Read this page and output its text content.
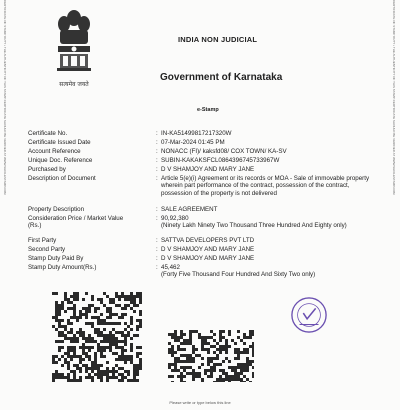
CERTIFICATE OF STAMP DUTY • THE AUTHENTICITY OF THIS STAMP CERTIFICATE SHOULD BE VERIFIED AT WWW.SHCILESTAMP.COM	CERTIFICATE OF STAMP DUTY • THE AUTHENTICITY OF THIS STAMP CERTIFICATE SHOULD BE VERIFIED AT WWW.SHCILESTAMP.COM
सत्यमेव जयते
INDIA NON JUDICIAL
Government of Karnataka
e-Stamp
Certificate No.	: IN-KA51499817217320W
Certificate Issued Date	: 07-Mar-2024 01:45 PM
Account Reference	: NONACC (FI)/ kaksfd08/ COX TOWN/ KA-SV
Unique Doc. Reference	: SUBIN-KAKAKSFCL0864396745733967W
Purchased by	: D V SHAMJOY AND MARY JANE
Description of Document	: Article 5(e)(i) Agreement or its records or MOA - Sale of immovable property wherein part performance of the contract, possession of the contract, possession of the property is not delivered
Property Description	: SALE AGREEMENT
Consideration Price / Market Value (Rs.)
: 90,92,380
(Ninety Lakh Ninety Two Thousand Three Hundred And Eighty only)
First Party	: SATTVA DEVELOPERS PVT LTD
Second Party	: D V SHAMJOY AND MARY JANE
Stamp Duty Paid By	: D V SHAMJOY AND MARY JANE
Stamp Duty Amount(Rs.)	: 45,462
(Forty Five Thousand Four Hundred And Sixty Two only)
Please write or type below this line
